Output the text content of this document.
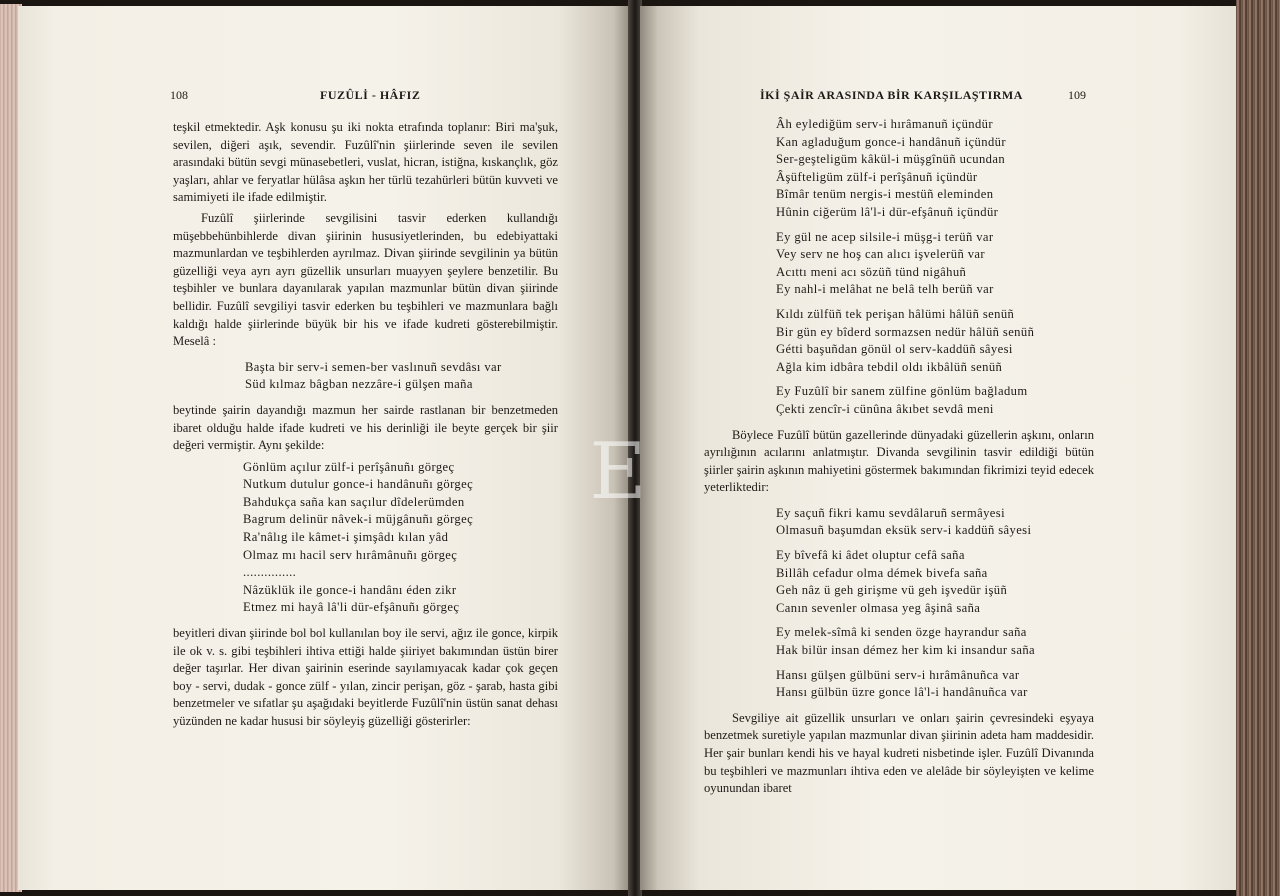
108	FUZÛLİ - HÂFIZ

teşkil etmektedir. Aşk konusu şu iki nokta etrafında toplanır: Biri ma'şuk, sevilen, diğeri aşık, sevendir. Fuzûlî'nin şiirlerinde seven ile sevilen arasındaki bütün sevgi münasebetleri, vuslat, hicran, istiğna, kıskançlık, göz yaşları, ahlar ve feryatlar hülâsa aşkın her türlü tezahürleri bütün kuvveti ve samimiyeti ile ifade edilmiştir.

Fuzûlî şiirlerinde sevgilisini tasvir ederken kullandığı müşebbehünbihlerde divan şiirinin hususiyetlerinden, bu edebiyattaki mazmunlardan ve teşbihlerden ayrılmaz. Divan şiirinde sevgilinin ya bütün güzelliği veya ayrı ayrı güzellik unsurları muayyen şeylere benzetilir. Bu teşbihler ve bunlara dayanılarak yapılan mazmunlar bütün divan şiirinde bellidir. Fuzûlî sevgiliyi tasvir ederken bu teşbihleri ve mazmunlara bağlı kaldığı halde şiirlerinde büyük bir his ve ifade kudreti gösterebilmiştir. Meselâ :

Başta bir serv-i semen-ber vaslınuñ sevdâsı var
Süd kılmaz bâgban nezzâre-i gülşen maña

beytinde şairin dayandığı mazmun her sairde rastlanan bir benzetmeden ibaret olduğu halde ifade kudreti ve his derinliği ile beyte gerçek bir şiir değeri vermiştir. Aynı şekilde:

Gönlüm açılur zülf-i perîşânuñı görgeç
Nutkum dutulur gonce-i handânuñı görgeç
Bahdukça saña kan saçılur dîdelerümden
Bagrum delinür nâvek-i müjgânuñı görgeç
Ra'nâlıg ile kâmet-i şimşâdı kılan yâd
Olmaz mı hacil serv hırâmânuñı görgeç
...............
Nâzüklük ile gonce-i handânı éden zikr
Etmez mi hayâ lâ'li dür-efşânuñı görgeç

beyitleri divan şiirinde bol bol kullanılan boy ile servi, ağız ile gonce, kirpik ile ok v. s. gibi teşbihleri ihtiva ettiği halde şiiriyet bakımından üstün birer değer taşırlar. Her divan şairinin eserinde sayılamıyacak kadar çok geçen boy - servi, dudak - gonce zülf - yılan, zincir perişan, göz - şarab, hasta gibi benzetmeler ve sıfatlar şu aşağıdaki beyitlerde Fuzûlî'nin üstün sanat dehası yüzünden ne kadar hususi bir söyleyiş güzelliği gösterirler:

İKİ ŞAİR ARASINDA BİR KARŞILAŞTIRMA	109
Âh eylediğüm serv-i hırâmanuñ içündür
Kan agladuğum gonce-i handânuñ içündür
Ser-geşteligüm kâkül-i müşgînüñ ucundan
Âşüfteligüm zülf-i perîşânuñ içündür
Bîmâr tenüm nergis-i mestüñ eleminden
Hûnin ciğerüm lâ'l-i dür-efşânuñ içündür
Ey gül ne acep silsile-i müşg-i terüñ var
Vey serv ne hoş can alıcı işvelerüñ var
Acıttı meni acı sözüñ tünd nigâhuñ
Ey nahl-i melâhat ne belâ telh berüñ var
Kıldı zülfüñ tek perişan hâlümi hâlüñ senüñ
Bir gün ey bîderd sormazsen nedür hâlüñ senüñ
Gétti başuñdan gönül ol serv-kaddüñ sâyesi
Ağla kim idbâra tebdil oldı ikbâlüñ senüñ
Ey Fuzûlî bir sanem zülfine gönlüm bağladum
Çekti zencîr-i cünûna âkıbet sevdâ meni

Böylece Fuzûlî bütün gazellerinde dünyadaki güzellerin aşkını, onların ayrılığının acılarını anlatmıştır. Divanda sevgilinin tasvir edildiği bütün şiirler şairin aşkının mahiyetini göstermek bakımından fikrimizi teyid edecek yeterliktedir:

Ey saçuñ fikri kamu sevdâlaruñ sermâyesi
Olmasuñ başumdan eksük serv-i kaddüñ sâyesi
Ey bîvefâ ki âdet oluptur cefâ saña
Billâh cefadur olma démek bivefa saña
Geh nâz ü geh girişme vü geh işvedür işüñ
Canın sevenler olmasa yeg âşinâ saña
Ey melek-sîmâ ki senden özge hayrandur saña
Hak bilür insan démez her kim ki insandur saña
Hansı gülşen gülbüni serv-i hırâmânuñca var
Hansı gülbün üzre gonce lâ'l-i handânuñca var

Sevgiliye ait güzellik unsurları ve onları şairin çevresindeki eşyaya benzetmek suretiyle yapılan mazmunlar divan şiirinin adeta ham maddesidir. Her şair bunları kendi his ve hayal kudreti nisbetinde işler. Fuzûlî Divanında bu teşbihleri ve mazmunları ihtiva eden ve alelâde bir söyleyişten ve kelime oyunundan ibaret

E
